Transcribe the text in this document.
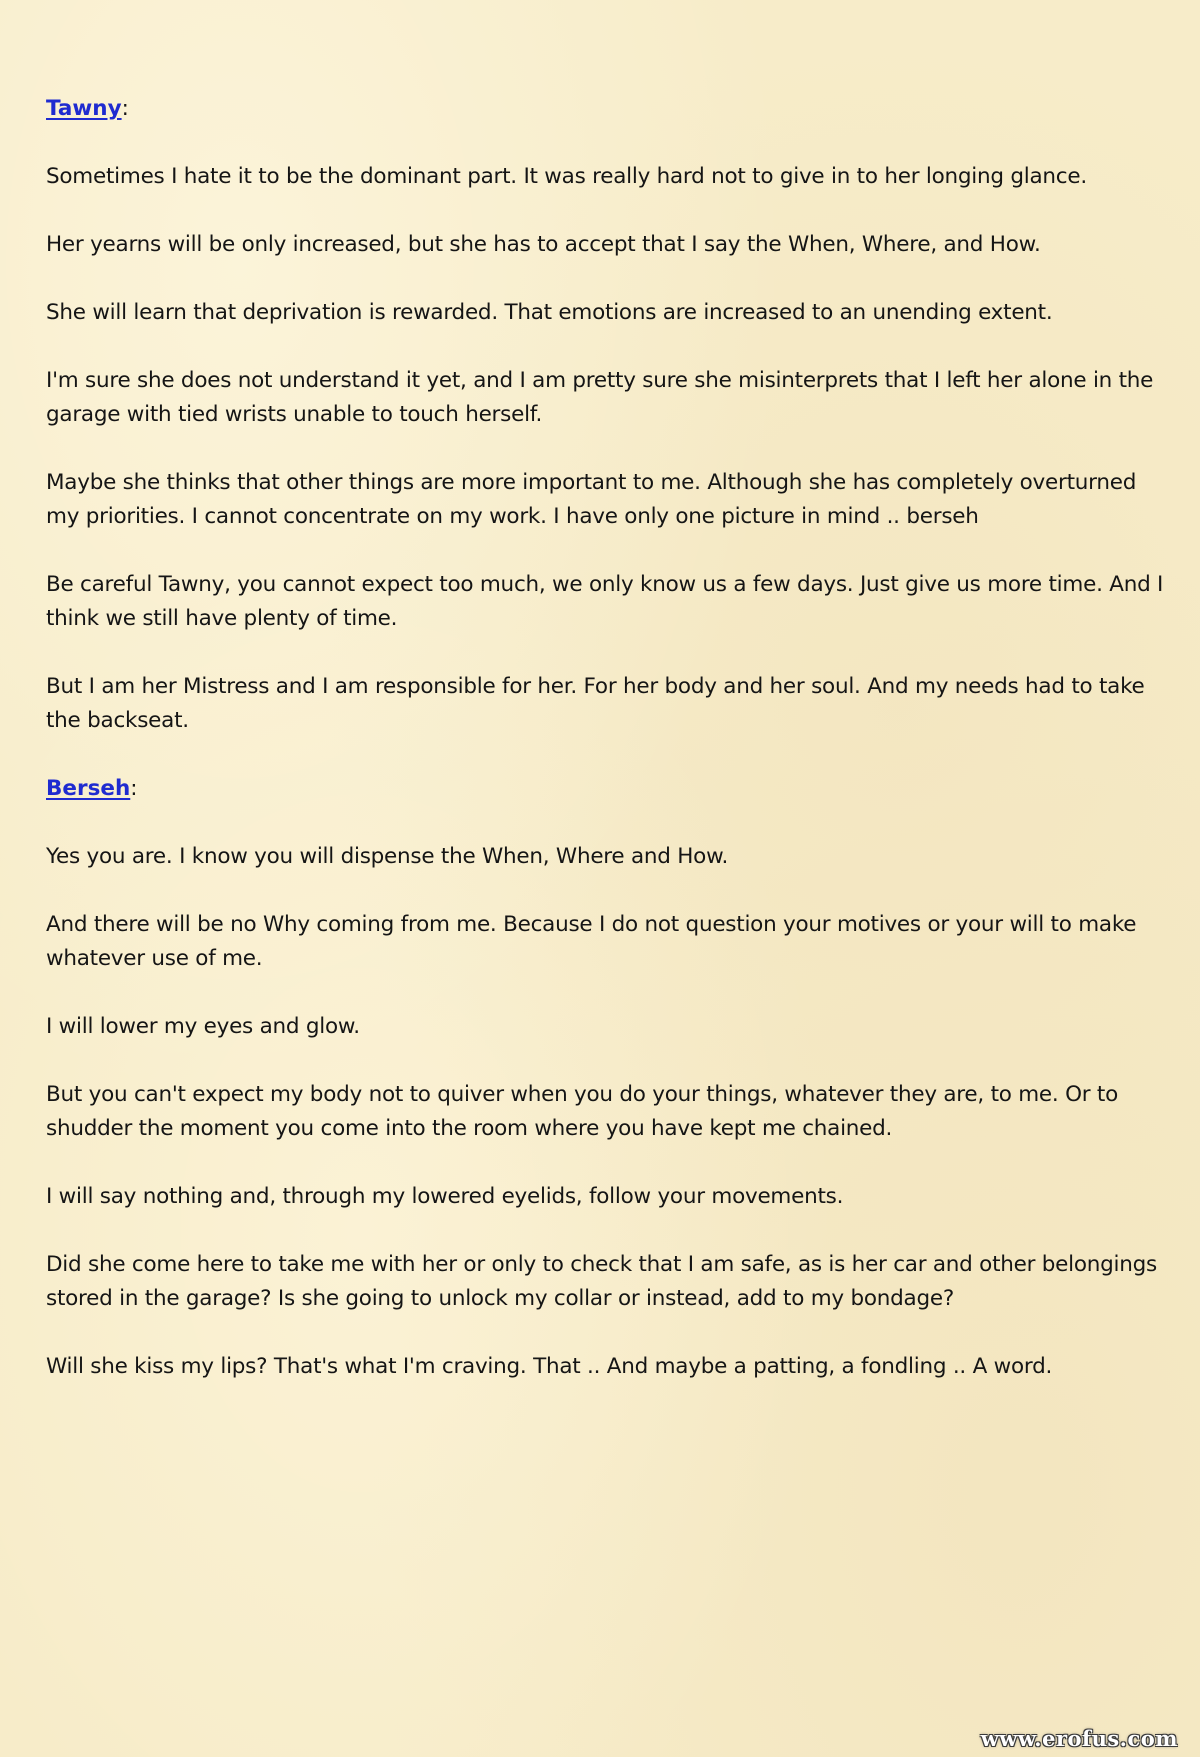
Tawny:

Sometimes I hate it to be the dominant part. It was really hard not to give in to her longing glance.

Her yearns will be only increased, but she has to accept that I say the When, Where, and How.

She will learn that deprivation is rewarded. That emotions are increased to an unending extent.

I'm sure she does not understand it yet, and I am pretty sure she misinterprets that I left her alone in the garage with tied wrists unable to touch herself.

Maybe she thinks that other things are more important to me. Although she has completely overturned my priorities. I cannot concentrate on my work. I have only one picture in mind .. berseh

Be careful Tawny, you cannot expect too much, we only know us a few days. Just give us more time. And I think we still have plenty of time.

But I am her Mistress and I am responsible for her. For her body and her soul. And my needs had to take the backseat.

Berseh:

Yes you are. I know you will dispense the When, Where and How.

And there will be no Why coming from me. Because I do not question your motives or your will to make whatever use of me.

I will lower my eyes and glow.

But you can't expect my body not to quiver when you do your things, whatever they are, to me. Or to shudder the moment you come into the room where you have kept me chained.

I will say nothing and, through my lowered eyelids, follow your movements.

Did she come here to take me with her or only to check that I am safe, as is her car and other belongings stored in the garage? Is she going to unlock my collar or instead, add to my bondage?

Will she kiss my lips? That's what I'm craving. That .. And maybe a patting, a fondling .. A word.

www.erofus.com
